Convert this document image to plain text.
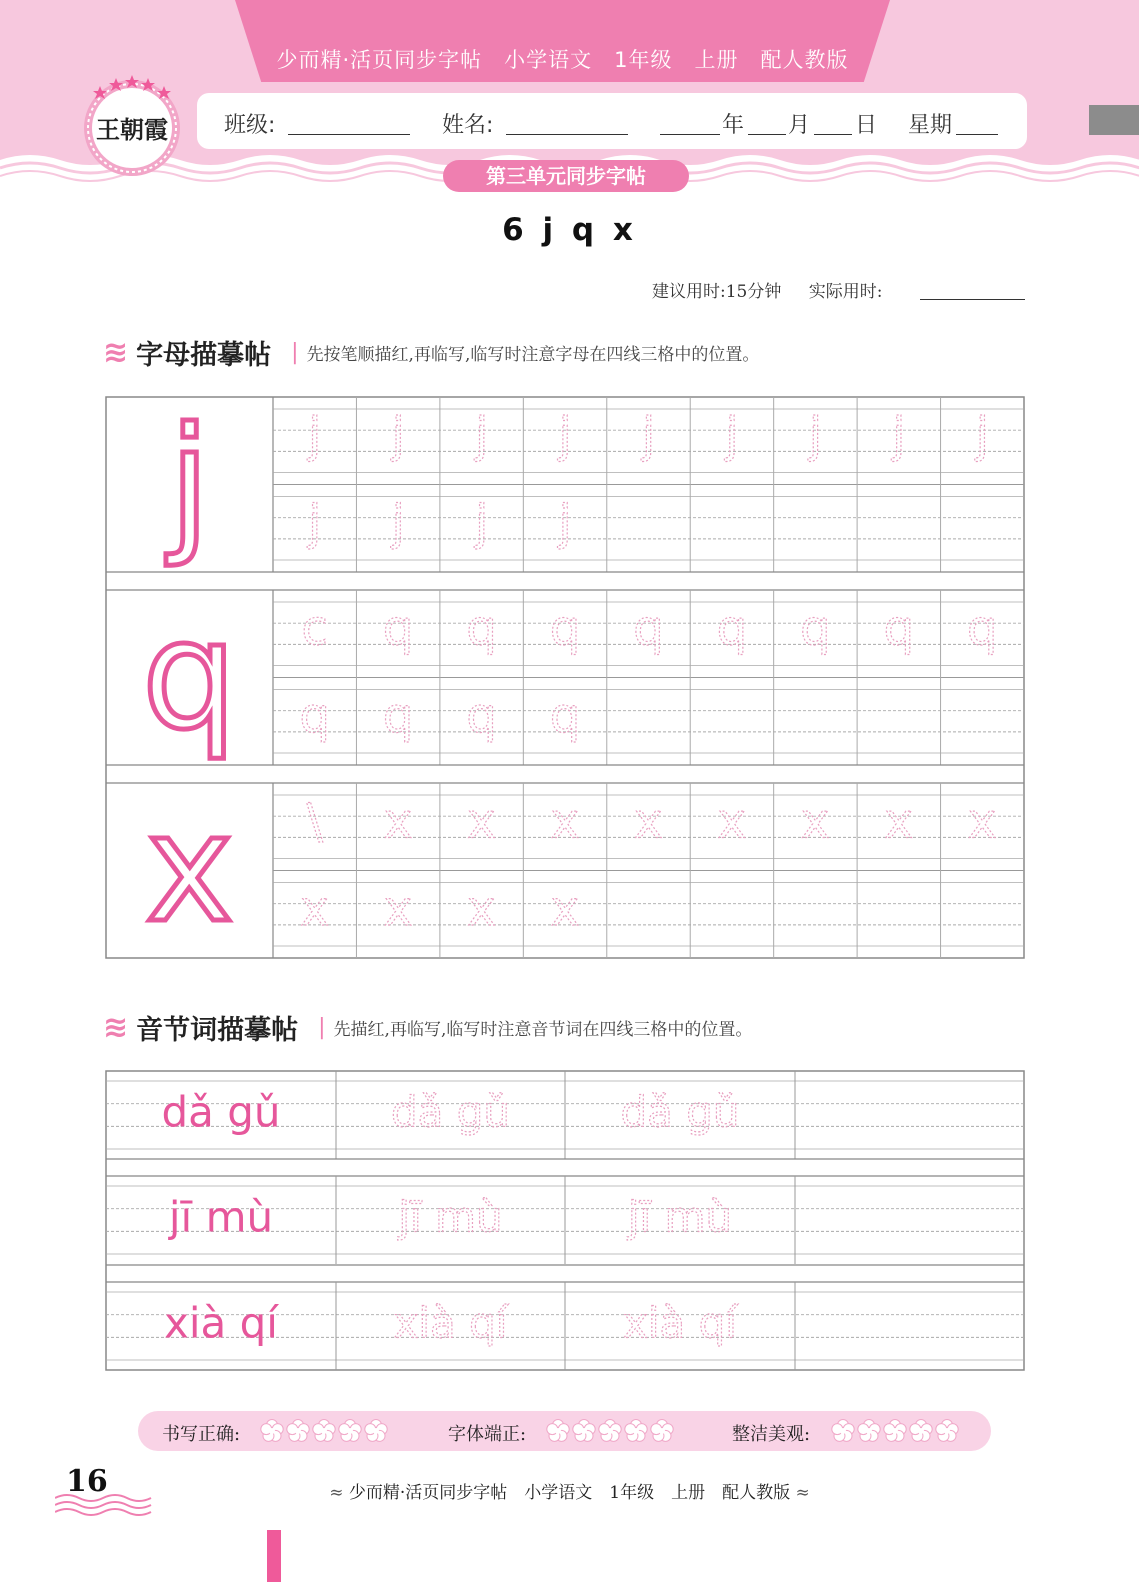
少而精·活页同步字帖　小学语文　1年级　上册　配人教版
班级:	姓名:	年 月 日 星期
第三单元同步字帖
王朝霞
6 j q x
建议用时:15分钟 实际用时:
≋ 字母描摹帖 | 先按笔顺描红,再临写,临写时注意字母在四线三格中的位置。
j j j j j j j j j j
j j j j
q c q q q q q q q q
q q q q
x \ x x x x x x x x
x x x x
dǎ gǔ	dǎ gǔ	dǎ gǔ
jī mù	jī mù	jī mù
xià qí	xià qí	xià qí
≋ 音节词描摹帖 | 先描红,再临写,临写时注意音节词在四线三格中的位置。
书写正确:	字体端正:	整洁美观:
16	≈ 少而精·活页同步字帖　小学语文　1年级　上册　配人教版 ≈
